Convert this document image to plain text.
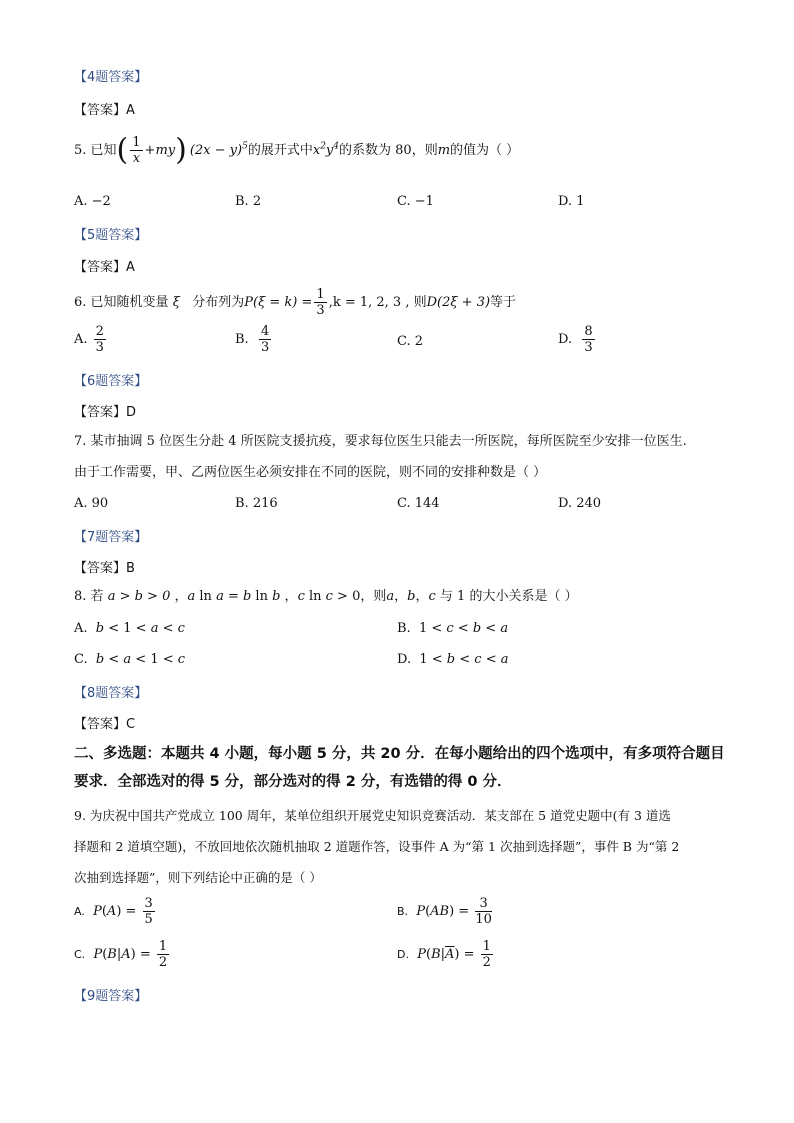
【4题答案】
【答案】A
5. 已知( $\frac{1}{x} +my$) $(2x - y)^5$的展开式中$x^2y^4$的系数为 80，则m的值为（ ）
A. −2	B. 2	C. −1	D. 1
【5题答案】
【答案】A
6. 已知随机变量 ξ 分布列为$P(\xi = k) = \frac{1}{3} ,k = 1$, 2, 3 , 则D(2ξ + 3)等于
A. $\frac{2}{3}$	B. $\frac{4}{3}$	C. 2	D. $\frac{8}{3}$
【6题答案】
【答案】D
7. 某市抽调 5 位医生分赴 4 所医院支援抗疫，要求每位医生只能去一所医院，每所医院至少安排一位医生.
由于工作需要，甲、乙两位医生必须安排在不同的医院，则不同的安排种数是（ ）
A. 90	B. 216	C. 144	D. 240
【7题答案】
【答案】B
8. 若 a > b > 0 ，a ln a = b ln b ，c ln c > 0，则a，b，c 与 1 的大小关系是（ ）
A. b < 1 < a < c	B.  1 < c < b < a
C. b < a < 1 < c	D.  1 < b < c < a
【8题答案】
【答案】C
二、多选题：本题共 4 小题，每小题 5 分，共 20 分．在每小题给出的四个选项中，有多项符合题目要求．全部选对的得 5 分，部分选对的得 2 分，有选错的得 0 分．
9. 为庆祝中国共产党成立 100 周年，某单位组织开展党史知识竞赛活动．某支部在 5 道党史题中(有 3 道选
择题和 2 道填空题)，不放回地依次随机抽取 2 道题作答，设事件 A 为“第 1 次抽到选择题”，事件 B 为“第 2
次抽到选择题”，则下列结论中正确的是（ ）
A. $P(A) = \frac{3}{5}$	B. $P(AB) = \frac{3}{10}$
C. $P(B|A) = \frac{1}{2}$	D. $P(B|\overline{A}) = \frac{1}{2}$
【9题答案】
